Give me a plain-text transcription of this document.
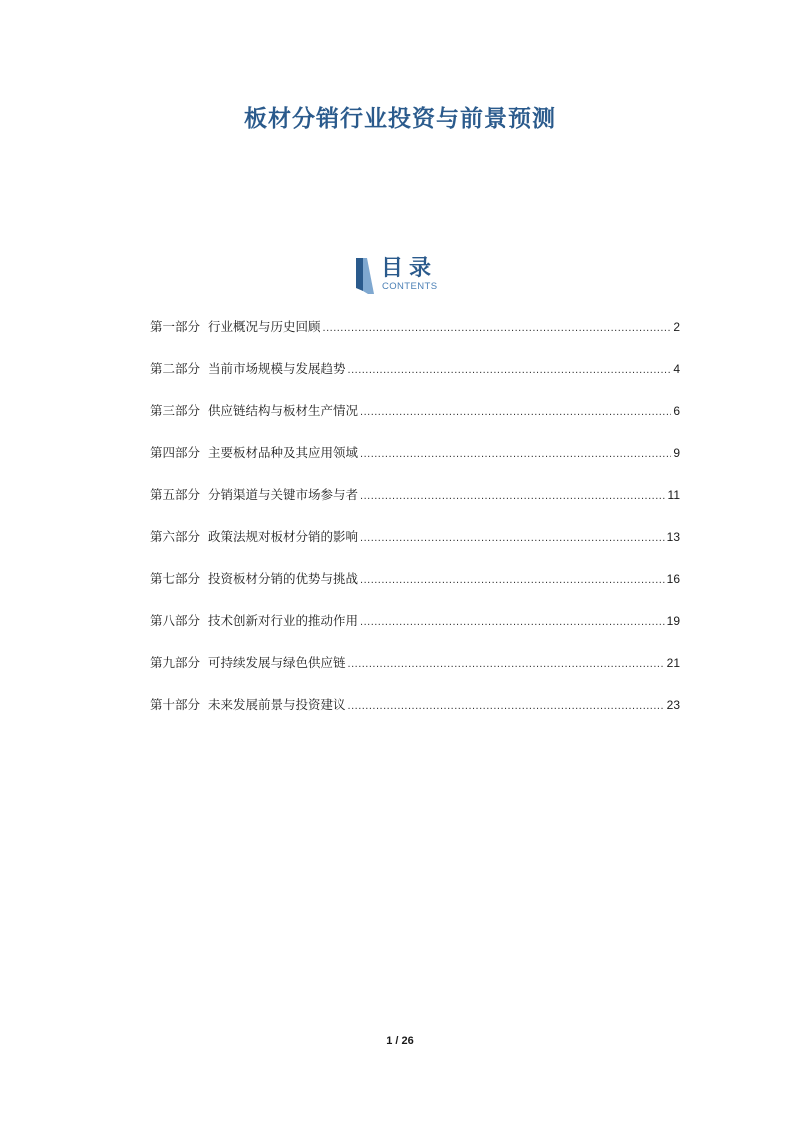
板材分销行业投资与前景预测
目录
CONTENTS
第一部分 行业概况与历史回顾 .....	2
第二部分 当前市场规模与发展趋势 .....	4
第三部分 供应链结构与板材生产情况 .....	6
第四部分 主要板材品种及其应用领域 .....	9
第五部分 分销渠道与关键市场参与者 .....	11
第六部分 政策法规对板材分销的影响 .....	13
第七部分 投资板材分销的优势与挑战 .....	16
第八部分 技术创新对行业的推动作用 .....	19
第九部分 可持续发展与绿色供应链 .....	21
第十部分 未来发展前景与投资建议 .....	23
1 / 26
